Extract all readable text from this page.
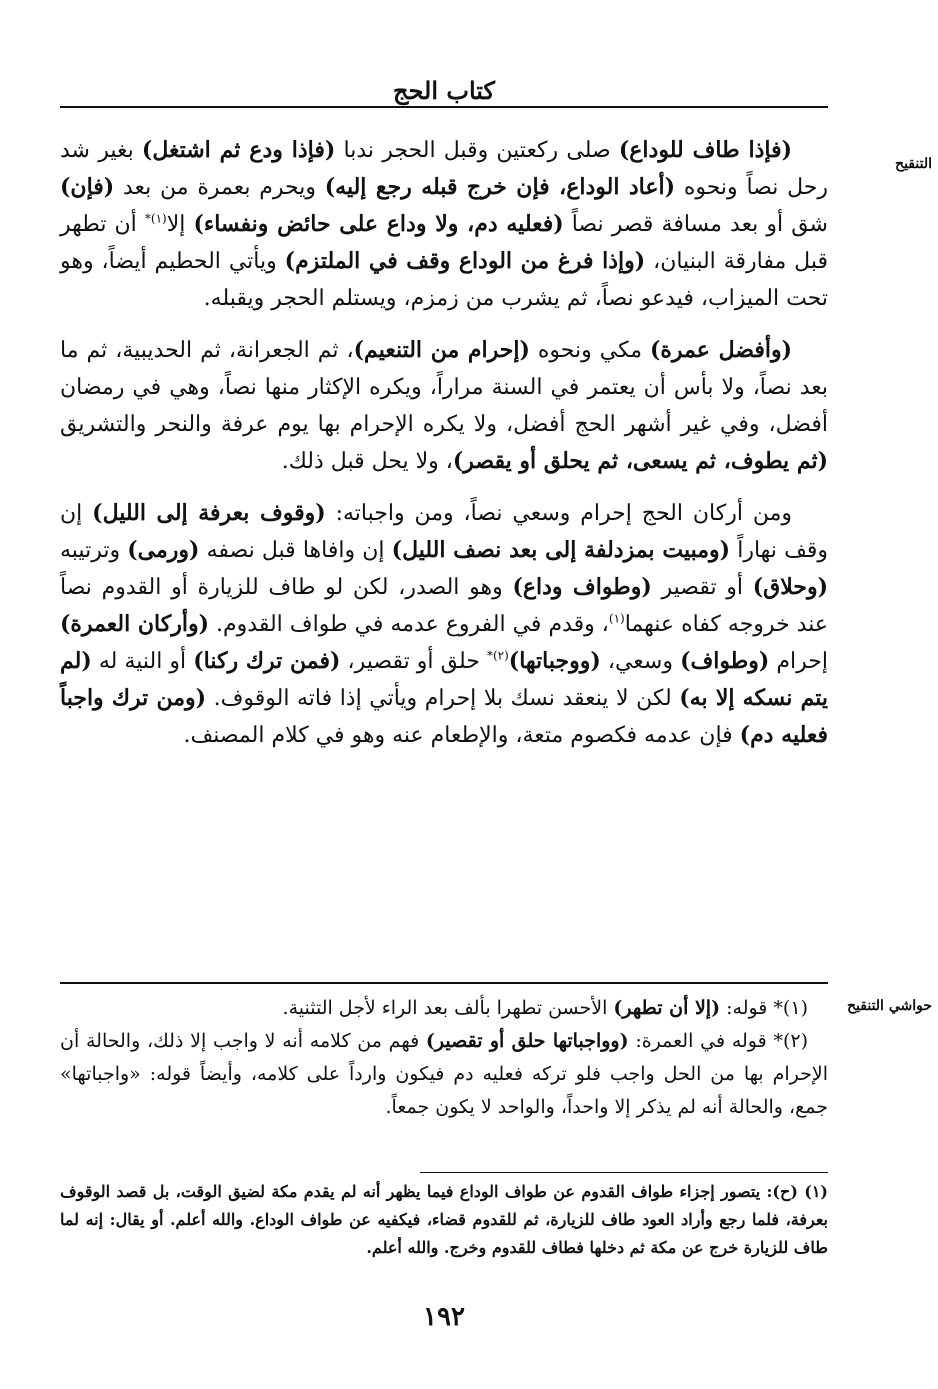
كتاب الحج
التنقيح
حواشي التنقيح

(فإذا طاف للوداع) صلى ركعتين وقبل الحجر ندبا (فإذا ودع ثم اشتغل) بغير شد رحل نصاً ونحوه (أعاد الوداع، فإن خرج قبله رجع إليه) ويحرم بعمرة من بعد (فإن) شق أو بعد مسافة قصر نصاً (فعليه دم، ولا وداع على حائض ونفساء) إلا$^{(١)*}$ أن تطهر قبل مفارقة البنيان، (وإذا فرغ من الوداع وقف في الملتزم) ويأتي الحطيم أيضاً، وهو تحت الميزاب، فيدعو نصاً، ثم يشرب من زمزم، ويستلم الحجر ويقبله.

(وأفضل عمرة) مكي ونحوه (إحرام من التنعيم)، ثم الجعرانة، ثم الحديبية، ثم ما بعد نصاً، ولا بأس أن يعتمر في السنة مراراً، ويكره الإكثار منها نصاً، وهي في رمضان أفضل، وفي غير أشهر الحج أفضل، ولا يكره الإحرام بها يوم عرفة والنحر والتشريق (ثم يطوف، ثم يسعى، ثم يحلق أو يقصر)، ولا يحل قبل ذلك.

ومن أركان الحج إحرام وسعي نصاً، ومن واجباته: (وقوف بعرفة إلى الليل) إن وقف نهاراً (ومبيت بمزدلفة إلى بعد نصف الليل) إن وافاها قبل نصفه (ورمى) وترتيبه (وحلاق) أو تقصير (وطواف وداع) وهو الصدر، لكن لو طاف للزيارة أو القدوم نصاً عند خروجه كفاه عنهما$^{(١)}$، وقدم في الفروع عدمه في طواف القدوم. (وأركان العمرة) إحرام (وطواف) وسعي، (ووجباتها)$^{(٢)*}$ حلق أو تقصير، (فمن ترك ركنا) أو النية له (لم يتم نسكه إلا به) لكن لا ينعقد نسك بلا إحرام ويأتي إذا فاته الوقوف. (ومن ترك واجباً فعليه دم) فإن عدمه فكصوم متعة، والإطعام عنه وهو في كلام المصنف.

(١)* قوله: (إلا أن تطهر) الأحسن تطهرا بألف بعد الراء لأجل التثنية.

(٢)* قوله في العمرة: (وواجباتها حلق أو تقصير) فهم من كلامه أنه لا واجب إلا ذلك، والحالة أن الإحرام بها من الحل واجب فلو تركه فعليه دم فيكون وارداً على كلامه، وأيضاً قوله: «واجباتها» جمع، والحالة أنه لم يذكر إلا واحداً، والواحد لا يكون جمعاً.

(١) (ح): يتصور إجزاء طواف القدوم عن طواف الوداع فيما يظهر أنه لم يقدم مكة لضيق الوقت، بل قصد الوقوف بعرفة، فلما رجع وأراد العود طاف للزيارة، ثم للقدوم قضاء، فيكفيه عن طواف الوداع. والله أعلم. أو يقال: إنه لما طاف للزيارة خرج عن مكة ثم دخلها فطاف للقدوم وخرج. والله أعلم.

١٩٢
